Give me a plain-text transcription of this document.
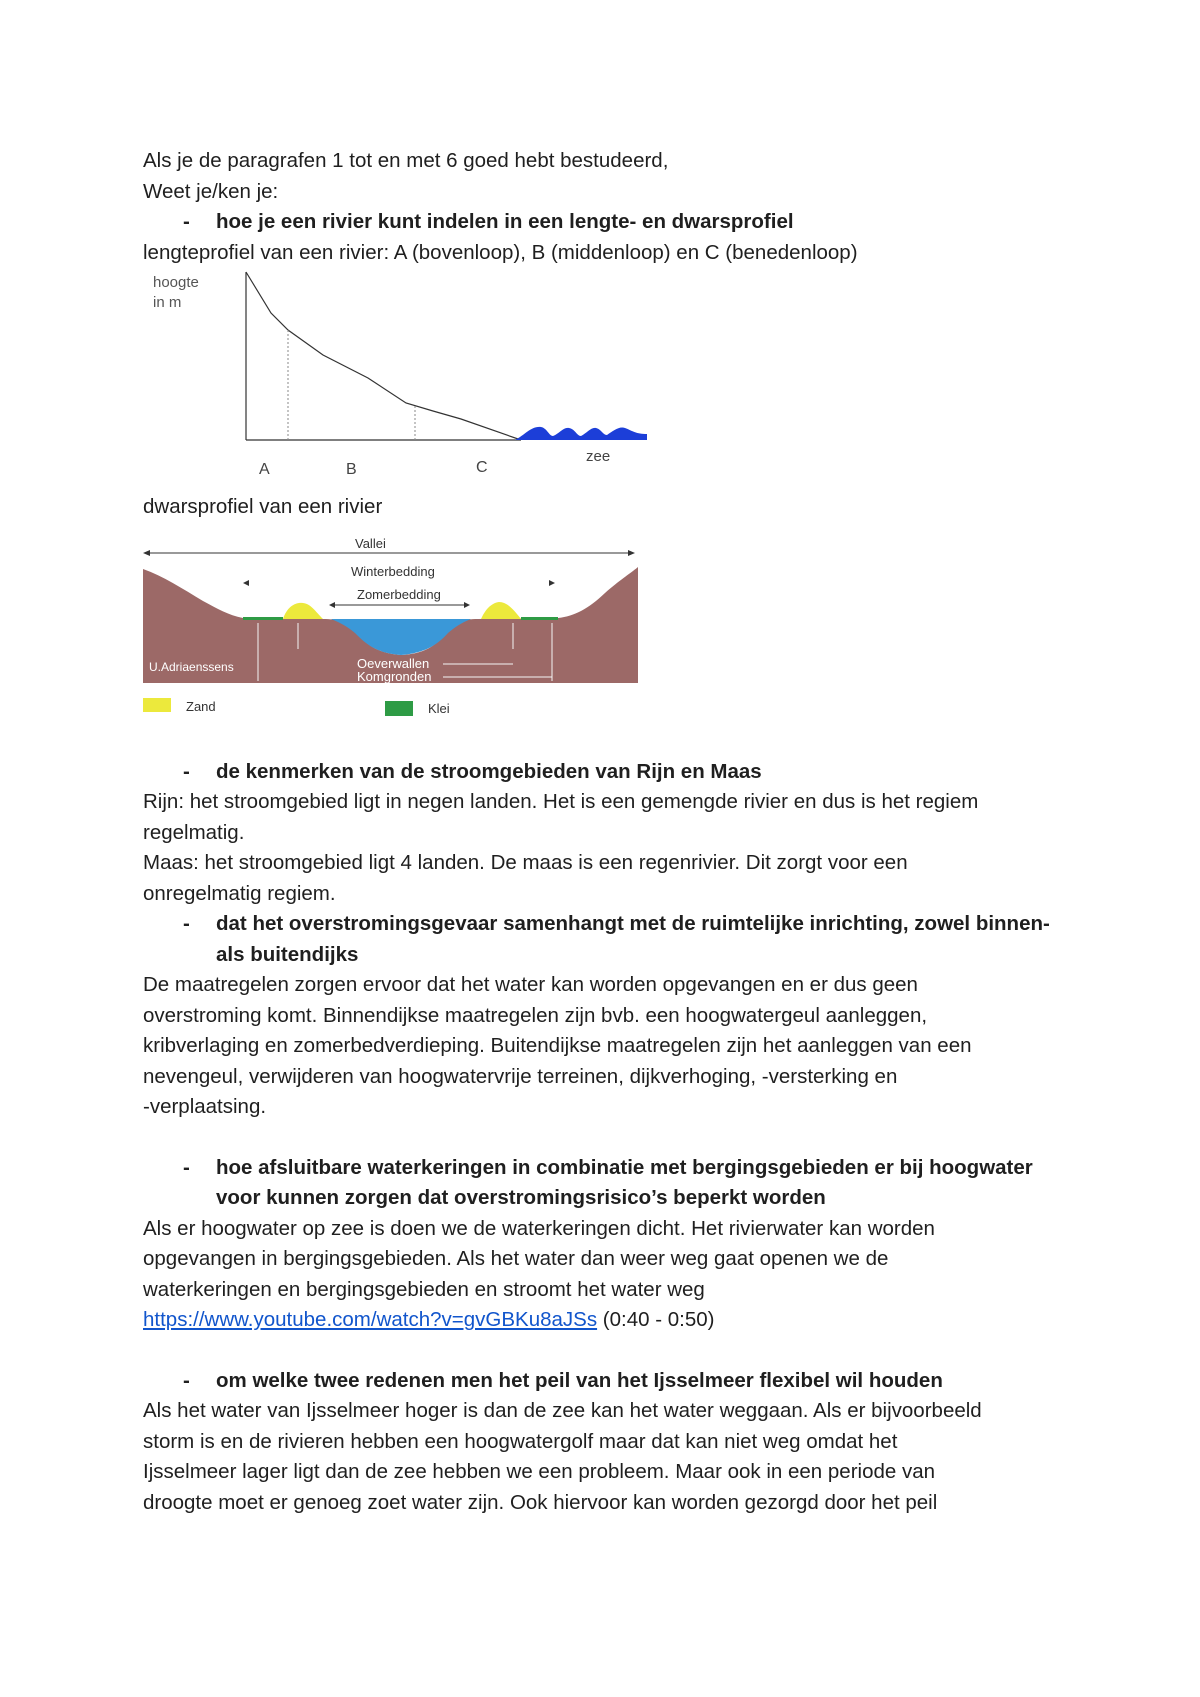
Als je de paragrafen 1 tot en met 6 goed hebt bestudeerd,

Weet je/ken je:

- hoe je een rivier kunt indelen in een lengte- en dwarsprofiel

lengteprofiel van een rivier: A (bovenloop), B (middenloop) en C (benedenloop)

hoogte
in m
A	B	C
zee

dwarsprofiel van een rivier

Vallei
Winterbedding
Zomerbedding
U.Adriaenssens	Oeverwallen
Komgronden
Zand	Klei

- de kenmerken van de stroomgebieden van Rijn en Maas

Rijn: het stroomgebied ligt in negen landen. Het is een gemengde rivier en dus is het regiem

regelmatig.

Maas: het stroomgebied ligt 4 landen. De maas is een regenrivier. Dit zorgt voor een

onregelmatig regiem.

- dat het overstromingsgevaar samenhangt met de ruimtelijke inrichting, zowel binnen- als buitendijks

De maatregelen zorgen ervoor dat het water kan worden opgevangen en er dus geen

overstroming komt. Binnendijkse maatregelen zijn bvb. een hoogwatergeul aanleggen,

kribverlaging en zomerbedverdieping. Buitendijkse maatregelen zijn het aanleggen van een

nevengeul, verwijderen van hoogwatervrije terreinen, dijkverhoging, -versterking en

-verplaatsing.

- hoe afsluitbare waterkeringen in combinatie met bergingsgebieden er bij hoogwater voor kunnen zorgen dat overstromingsrisico’s beperkt worden

Als er hoogwater op zee is doen we de waterkeringen dicht. Het rivierwater kan worden

opgevangen in bergingsgebieden. Als het water dan weer weg gaat openen we de

waterkeringen en bergingsgebieden en stroomt het water weg

https://www.youtube.com/watch?v=gvGBKu8aJSs (0:40 - 0:50)

- om welke twee redenen men het peil van het Ijsselmeer flexibel wil houden

Als het water van Ijsselmeer hoger is dan de zee kan het water weggaan. Als er bijvoorbeeld

storm is en de rivieren hebben een hoogwatergolf maar dat kan niet weg omdat het

Ijsselmeer lager ligt dan de zee hebben we een probleem. Maar ook in een periode van

droogte moet er genoeg zoet water zijn. Ook hiervoor kan worden gezorgd door het peil
